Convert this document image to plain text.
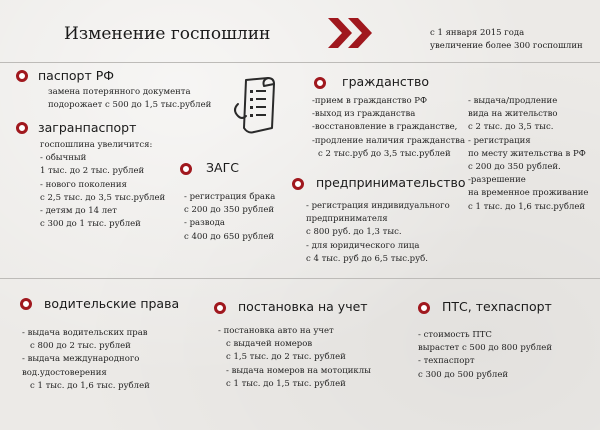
Изменение госпошлин	с 1 января 2015 года
увеличение более 300 госпошлин
паспорт РФ
замена потерянного документа
подорожает с 500 до 1,5 тыс.рублей
загранпаспорт
госпошлина увеличится:
- обычный
1 тыс. до 2 тыс. рублей
- нового поколения
с 2,5 тыс. до 3,5 тыс.рублей
- детям до 14 лет
с 300 до 1 тыс. рублей
ЗАГС
- регистрация брака
с 200 до 350 рублей
- развода
с 400 до 650 рублей
гражданство
-прием в гражданство РФ
-выход из гражданства
-восстановление в гражданстве,
-продление наличия гражданства
с 2 тыс.руб до 3,5 тыс.рублей
- выдача/продление
вида на жительство
с 2 тыс. до 3,5 тыс.
- регистрация
по месту жительства в РФ
с 200 до 350 рублей.
-разрешение
на временное проживание
с 1 тыс. до 1,6 тыс.рублей
предпринимательство
- регистрация индивидуального
предпринимателя
с 800 руб. до 1,3 тыс.
- для юридического лица
с 4 тыс. руб до 6,5 тыс.руб.
водительские права
- выдача водительских прав
с 800 до 2 тыс. рублей
- выдача международного
вод.удостоверения
с 1 тыс. до 1,6 тыс. рублей
постановка на учет
- постановка авто на учет
с выдачей номеров
с 1,5 тыс. до 2 тыс. рублей
- выдача номеров на мотоциклы
с 1 тыс. до 1,5 тыс. рублей
ПТС, техпаспорт
- стоимость ПТС
вырастет с 500 до 800 рублей
- техпаспорт
с 300 до 500 рублей
